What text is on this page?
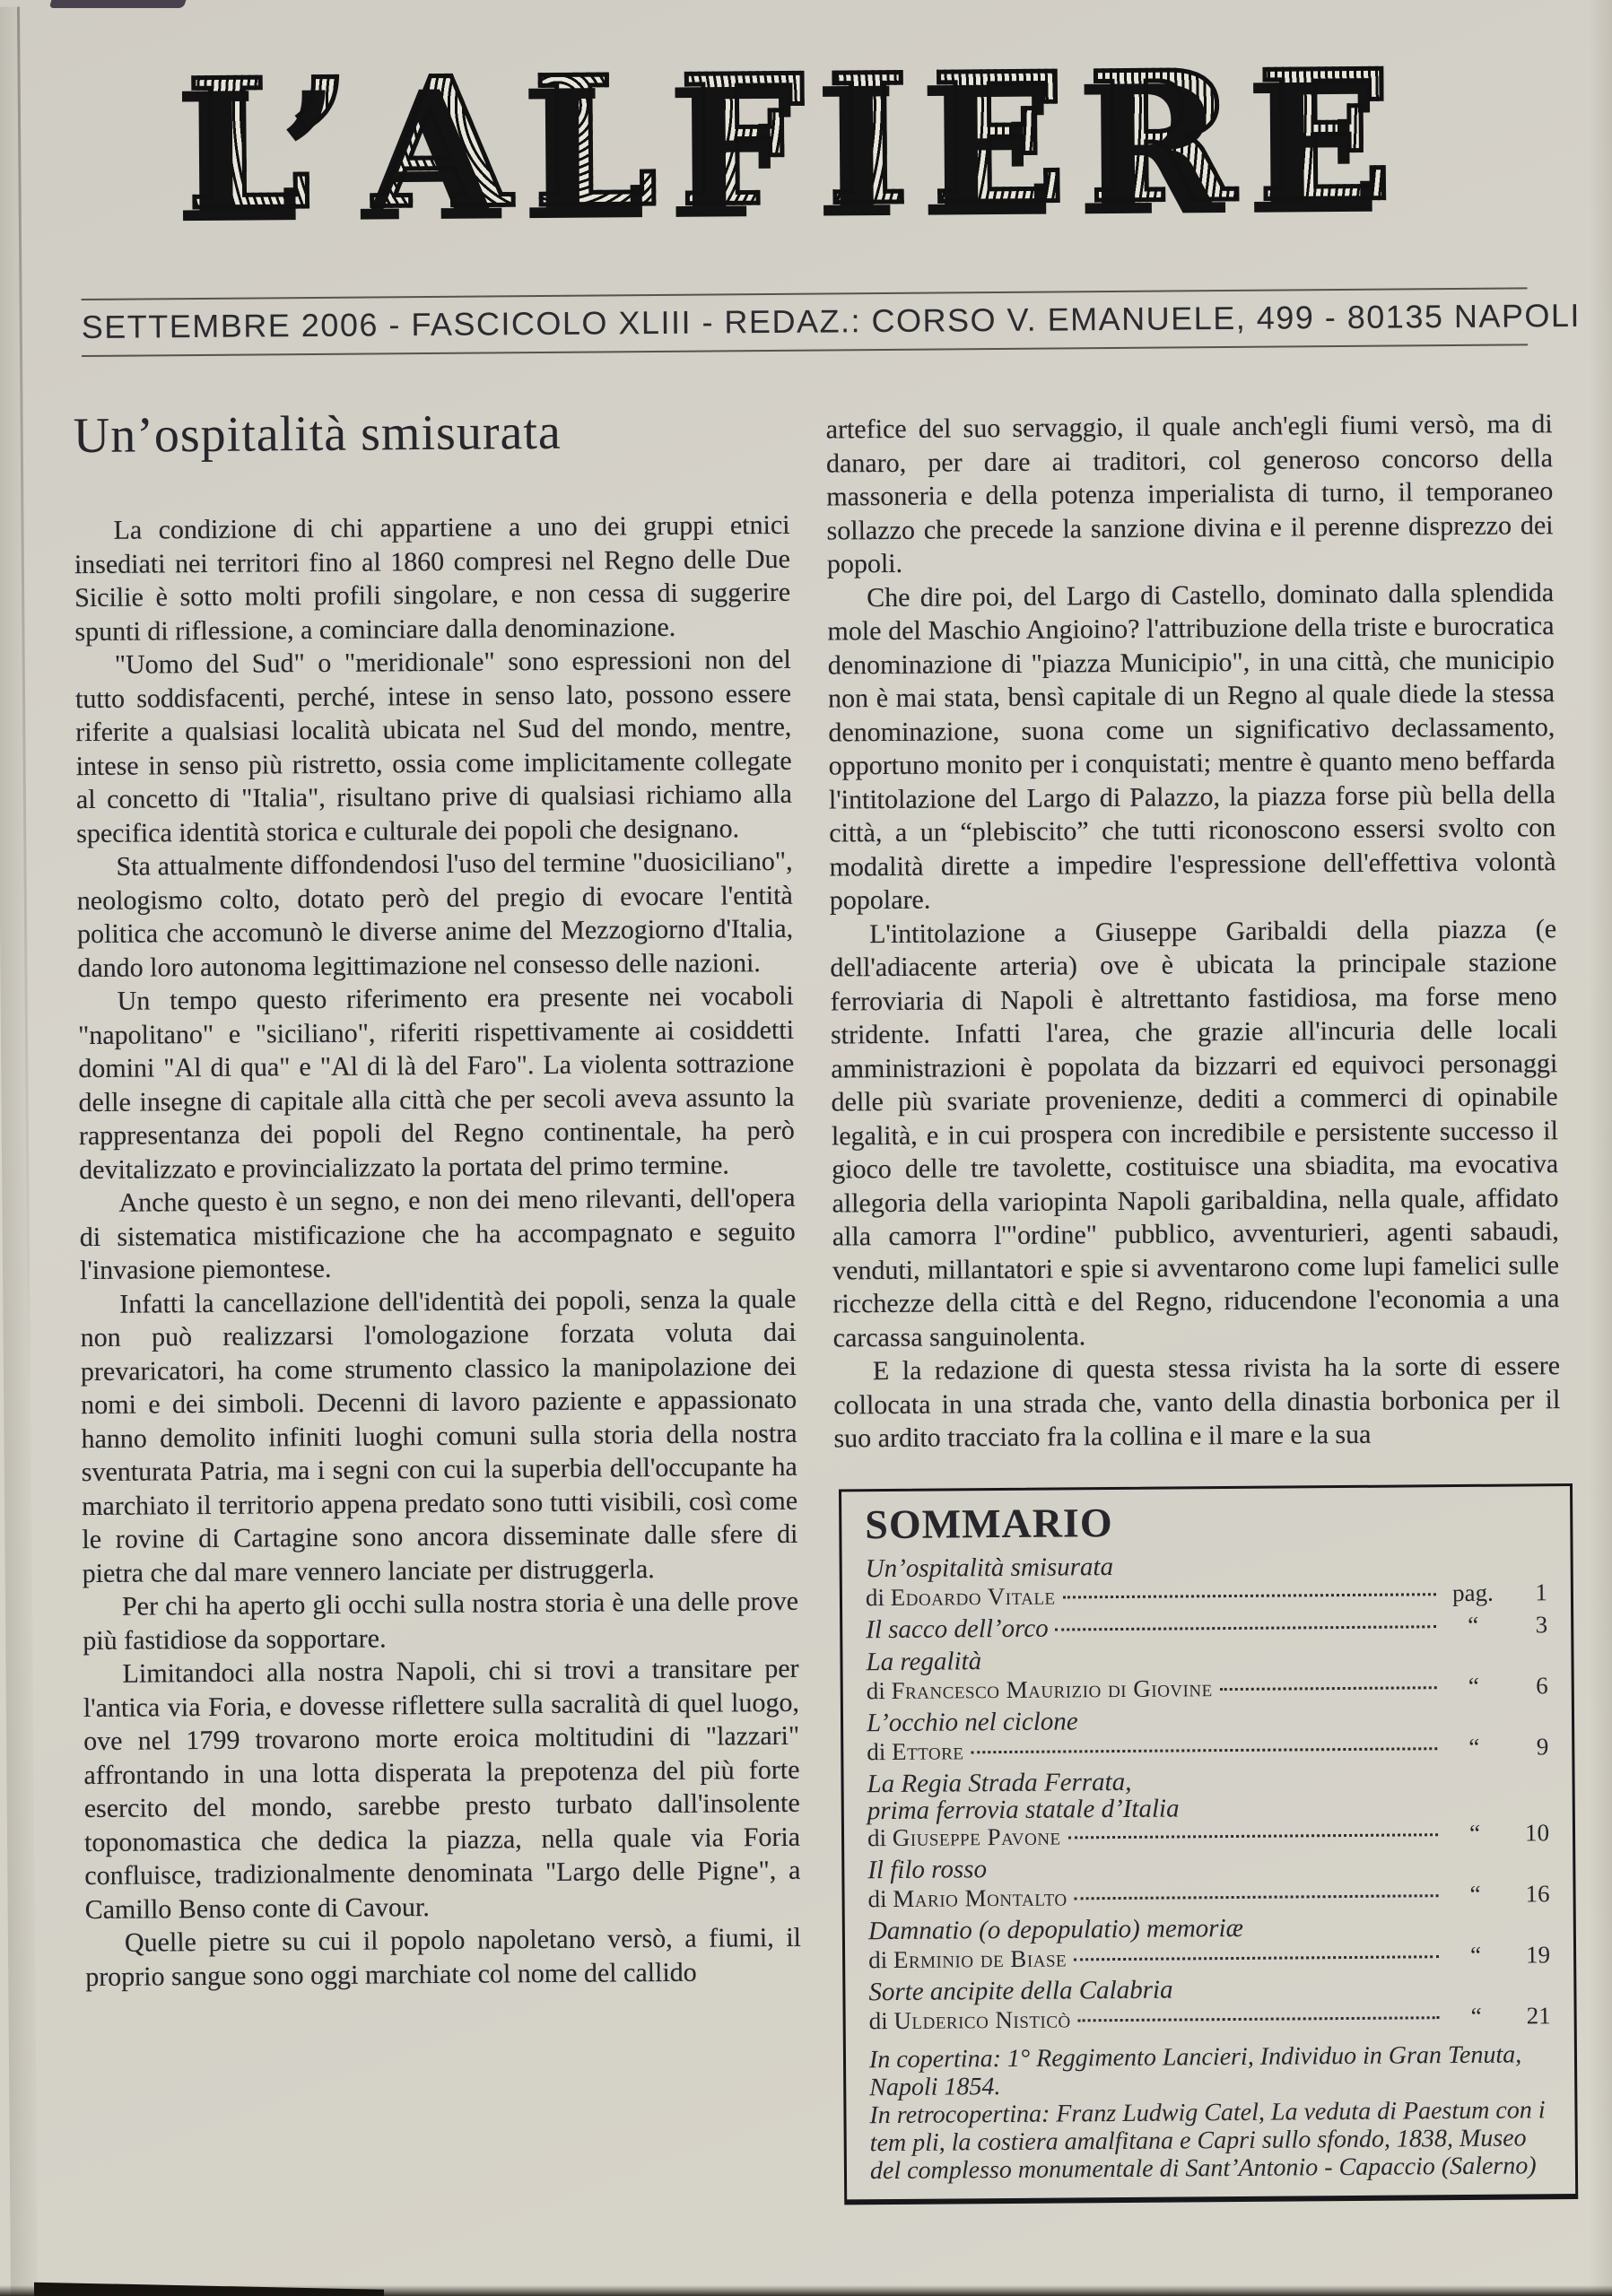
L’ALFIERE
SETTEMBRE 2006 - FASCICOLO XLIII - REDAZ.: CORSO V. EMANUELE, 499 - 80135 NAPOLI
Un’ospitalità smisurata

La condizione di chi appartiene a uno dei gruppi etnici insediati nei territori fino al 1860 compresi nel Regno delle Due Sicilie è sotto molti profili singolare, e non cessa di suggerire spunti di riflessione, a cominciare dalla denominazione.

"Uomo del Sud" o "meridionale" sono espressioni non del tutto soddisfacenti, perché, intese in senso lato, possono essere riferite a qualsiasi località ubicata nel Sud del mondo, mentre, intese in senso più ristretto, ossia come implicitamente collegate al concetto di "Italia", risultano prive di qualsiasi richiamo alla specifica identità storica e culturale dei popoli che designano.

Sta attualmente diffondendosi l'uso del termine "duosiciliano", neologismo colto, dotato però del pregio di evocare l'entità politica che accomunò le diverse anime del Mezzogiorno d'Italia, dando loro autonoma legittimazione nel consesso delle nazioni.

Un tempo questo riferimento era presente nei vocaboli "napolitano" e "siciliano", riferiti rispettivamente ai cosiddetti domini "Al di qua" e "Al di là del Faro". La violenta sottrazione delle insegne di capitale alla città che per secoli aveva assunto la rappresentanza dei popoli del Regno continentale, ha però devitalizzato e provincializzato la portata del primo termine.

Anche questo è un segno, e non dei meno rilevanti, dell'opera di sistematica mistificazione che ha accompagnato e seguito l'invasione piemontese.

Infatti la cancellazione dell'identità dei popoli, senza la quale non può realizzarsi l'omologazione forzata voluta dai prevaricatori, ha come strumento classico la manipolazione dei nomi e dei simboli. Decenni di lavoro paziente e appassionato hanno demolito infiniti luoghi comuni sulla storia della nostra sventurata Patria, ma i segni con cui la superbia dell'occupante ha marchiato il territorio appena predato sono tutti visibili, così come le rovine di Cartagine sono ancora disseminate dalle sfere di pietra che dal mare vennero lanciate per distruggerla.

Per chi ha aperto gli occhi sulla nostra storia è una delle prove più fastidiose da sopportare.

Limitandoci alla nostra Napoli, chi si trovi a transitare per l'antica via Foria, e dovesse riflettere sulla sacralità di quel luogo, ove nel 1799 trovarono morte eroica moltitudini di "lazzari" affrontando in una lotta disperata la prepotenza del più forte esercito del mondo, sarebbe presto turbato dall'insolente toponomastica che dedica la piazza, nella quale via Foria confluisce, tradizionalmente denominata "Largo delle Pigne", a Camillo Benso conte di Cavour.

Quelle pietre su cui il popolo napoletano versò, a fiumi, il proprio sangue sono oggi marchiate col nome del callido

artefice del suo servaggio, il quale anch'egli fiumi versò, ma di danaro, per dare ai traditori, col generoso concorso della massoneria e della potenza imperialista di turno, il temporaneo sollazzo che precede la sanzione divina e il perenne disprezzo dei popoli.

Che dire poi, del Largo di Castello, dominato dalla splendida mole del Maschio Angioino? l'attribuzione della triste e burocratica denominazione di "piazza Municipio", in una città, che municipio non è mai stata, bensì capitale di un Regno al quale diede la stessa denominazione, suona come un significativo declassamento, opportuno monito per i conquistati; mentre è quanto meno beffarda l'intitolazione del Largo di Palazzo, la piazza forse più bella della città, a un “plebiscito” che tutti riconoscono essersi svolto con modalità dirette a impedire l'espressione dell'effettiva volontà popolare.

L'intitolazione a Giuseppe Garibaldi della piazza (e dell'adiacente arteria) ove è ubicata la principale stazione ferroviaria di Napoli è altrettanto fastidiosa, ma forse meno stridente. Infatti l'area, che grazie all'incuria delle locali amministrazioni è popolata da bizzarri ed equivoci personaggi delle più svariate provenienze, dediti a commerci di opinabile legalità, e in cui prospera con incredibile e persistente successo il gioco delle tre tavolette, costituisce una sbiadita, ma evocativa allegoria della variopinta Napoli garibaldina, nella quale, affidato alla camorra l'"ordine" pubblico, avventurieri, agenti sabaudi, venduti, millantatori e spie si avventarono come lupi famelici sulle ricchezze della città e del Regno, riducendone l'economia a una carcassa sanguinolenta.

E la redazione di questa stessa rivista ha la sorte di essere collocata in una strada che, vanto della dinastia borbonica per il suo ardito tracciato fra la collina e il mare e la sua

SOMMARIO
Un’ospitalità smisurata
di Edoardo Vitale	pag.	1
Il sacco dell’orco	“	3
La regalità
di Francesco Maurizio di Giovine	“	6
L’occhio nel ciclone
di Ettore	“	9
La Regia Strada Ferrata,
prima ferrovia statale d’Italia
di Giuseppe Pavone	“	10
Il filo rosso
di Mario Montalto	“	16
Damnatio (o depopulatio) memoriæ
di Erminio de Biase	“	19
Sorte ancipite della Calabria
di Ulderico Nisticò	“	21

In copertina: 1° Reggimento Lancieri, Individuo in Gran Tenuta, Napoli 1854.

In retrocopertina: Franz Ludwig Catel, La veduta di Paestum con i tem pli, la costiera amalfitana e Capri sullo sfondo, 1838, Museo del complesso monumentale di Sant’Antonio - Capaccio (Salerno)
